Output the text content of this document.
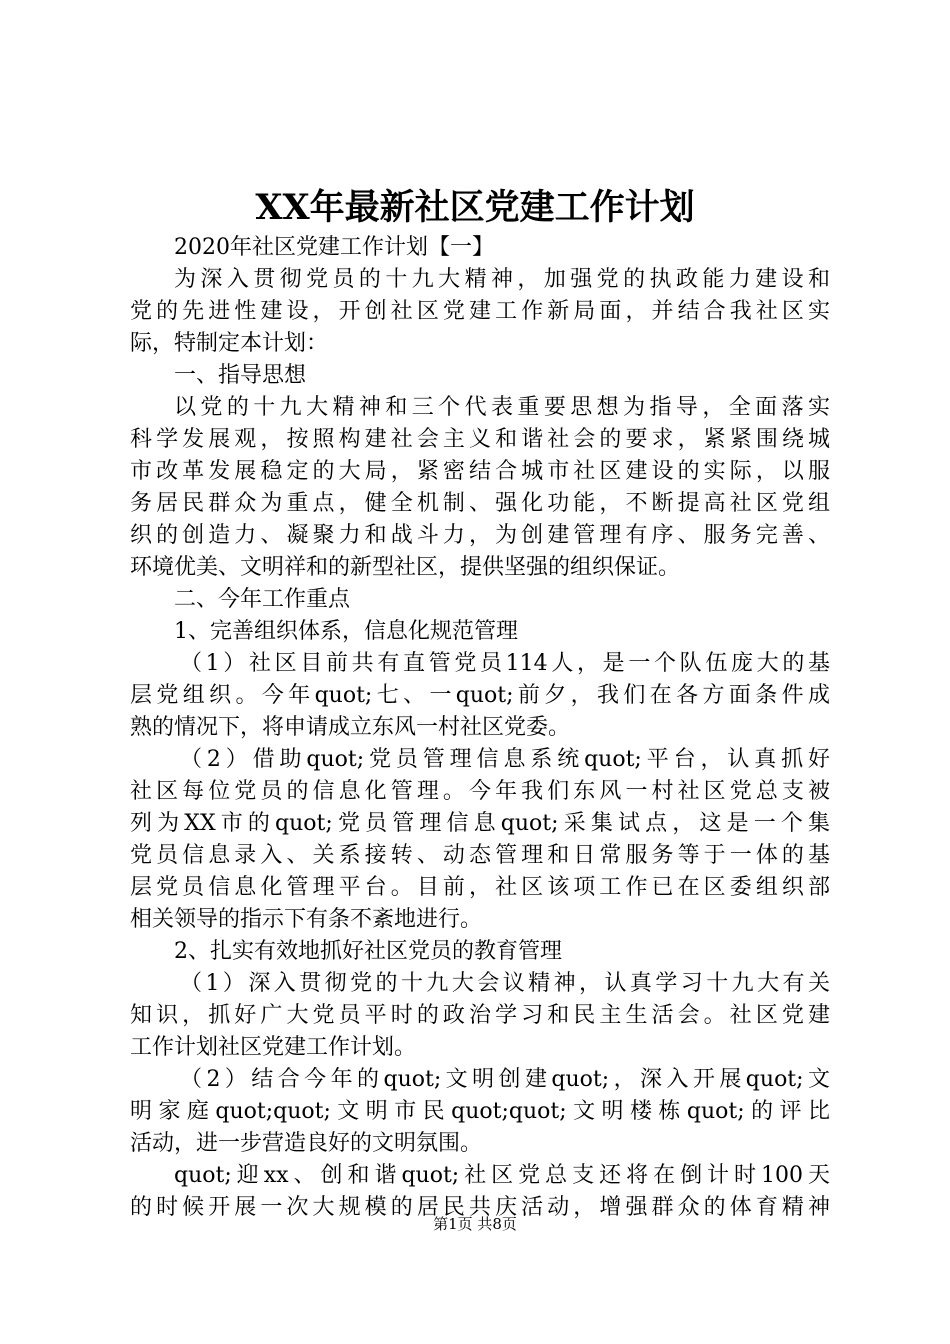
XX年最新社区党建工作计划
2020年社区党建工作计划【一】
为深入贯彻党员的十九大精神，加强党的执政能力建设和
党的先进性建设，开创社区党建工作新局面，并结合我社区实
际，特制定本计划：
一、指导思想
以党的十九大精神和三个代表重要思想为指导，全面落实
科学发展观，按照构建社会主义和谐社会的要求，紧紧围绕城
市改革发展稳定的大局，紧密结合城市社区建设的实际，以服
务居民群众为重点，健全机制、强化功能，不断提高社区党组
织的创造力、凝聚力和战斗力，为创建管理有序、服务完善、
环境优美、文明祥和的新型社区，提供坚强的组织保证。
二、今年工作重点
1、完善组织体系，信息化规范管理
（1）社区目前共有直管党员114人，是一个队伍庞大的基
层党组织。今年quot;七、一quot;前夕，我们在各方面条件成
熟的情况下，将申请成立东风一村社区党委。
（2）借助quot;党员管理信息系统quot;平台，认真抓好
社区每位党员的信息化管理。今年我们东风一村社区党总支被
列为XX市的quot;党员管理信息quot;采集试点，这是一个集
党员信息录入、关系接转、动态管理和日常服务等于一体的基
层党员信息化管理平台。目前，社区该项工作已在区委组织部
相关领导的指示下有条不紊地进行。
2、扎实有效地抓好社区党员的教育管理
（1）深入贯彻党的十九大会议精神，认真学习十九大有关
知识，抓好广大党员平时的政治学习和民主生活会。社区党建
工作计划社区党建工作计划。
（2）结合今年的quot;文明创建quot;，深入开展quot;文
明家庭quot;quot;文明市民quot;quot;文明楼栋quot;的评比
活动，进一步营造良好的文明氛围。
quot;迎xx、创和谐quot;社区党总支还将在倒计时100天
的时候开展一次大规模的居民共庆活动，增强群众的体育精神
第1页 共8页
